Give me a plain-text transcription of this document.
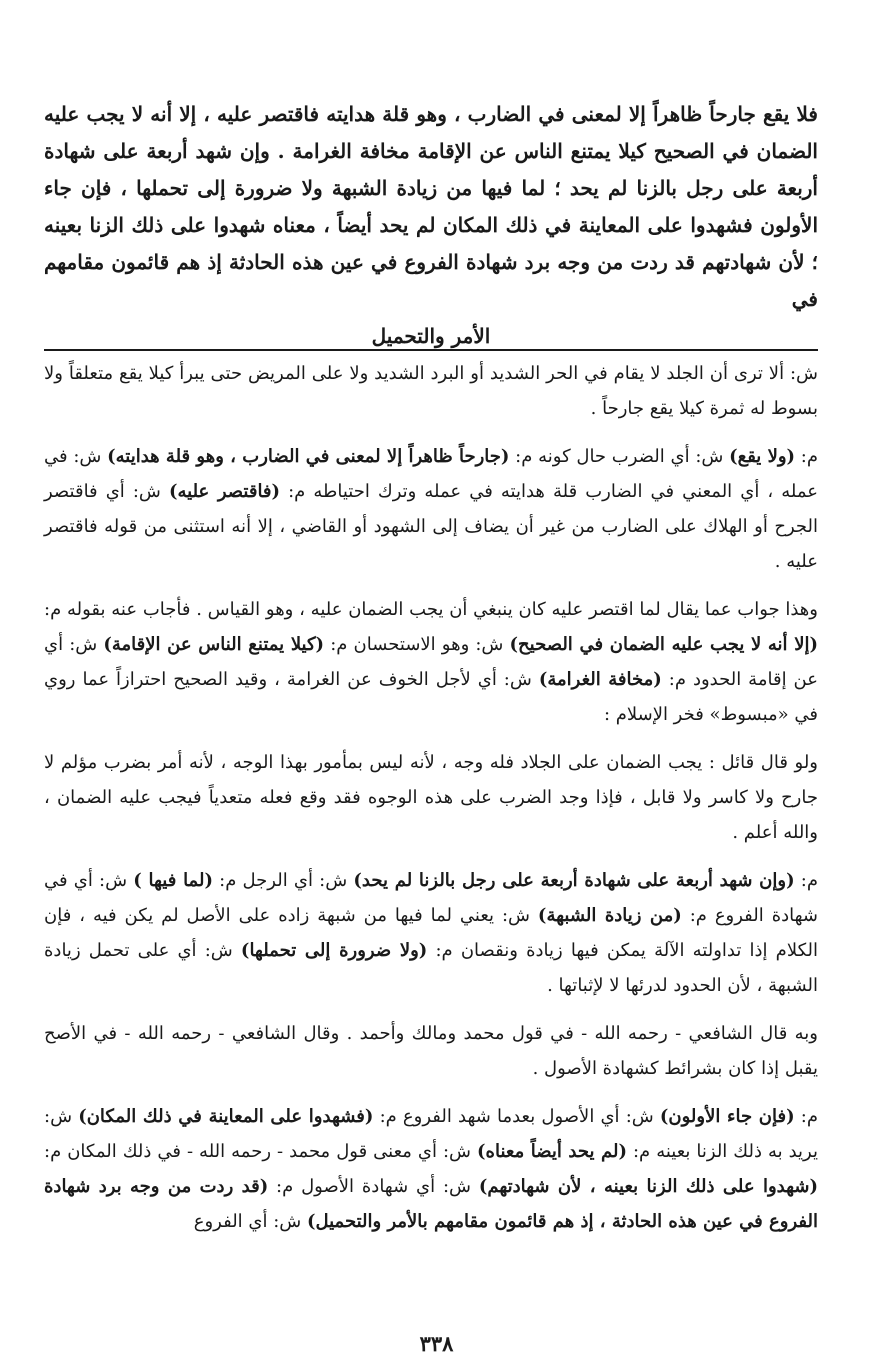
فلا يقع جارحاً ظاهراً إلا لمعنى في الضارب ، وهو قلة هدايته فاقتصر عليه ، إلا أنه لا يجب عليه الضمان في الصحيح كيلا يمتنع الناس عن الإقامة مخافة الغرامة . وإن شهد أربعة على شهادة أربعة على رجل بالزنا لم يحد ؛ لما فيها من زيادة الشبهة ولا ضرورة إلى تحملها ، فإن جاء الأولون فشهدوا على المعاينة في ذلك المكان لم يحد أيضاً ، معناه شهدوا على ذلك الزنا بعينه ؛ لأن شهادتهم قد ردت من وجه برد شهادة الفروع في عين هذه الحادثة إذ هم قائمون مقامهم في
الأمر والتحميل

ش: ألا ترى أن الجلد لا يقام في الحر الشديد أو البرد الشديد ولا على المريض حتى يبرأ كيلا يقع متعلقاً ولا بسوط له ثمرة كيلا يقع جارحاً .

م: (ولا يقع) ش: أي الضرب حال كونه م: (جارحاً ظاهراً إلا لمعنى في الضارب ، وهو قلة هدايته) ش: في عمله ، أي المعني في الضارب قلة هدايته في عمله وترك احتياطه م: (فاقتصر عليه) ش: أي فاقتصر الجرح أو الهلاك على الضارب من غير أن يضاف إلى الشهود أو القاضي ، إلا أنه استثنى من قوله فاقتصر عليه .

وهذا جواب عما يقال لما اقتصر عليه كان ينبغي أن يجب الضمان عليه ، وهو القياس . فأجاب عنه بقوله م: (إلا أنه لا يجب عليه الضمان في الصحيح) ش: وهو الاستحسان م: (كيلا يمتنع الناس عن الإقامة) ش: أي عن إقامة الحدود م: (مخافة الغرامة) ش: أي لأجل الخوف عن الغرامة ، وقيد الصحيح احترازاً عما روي في «مبسوط» فخر الإسلام :

ولو قال قائل : يجب الضمان على الجلاد فله وجه ، لأنه ليس بمأمور بهذا الوجه ، لأنه أمر بضرب مؤلم لا جارح ولا كاسر ولا قابل ، فإذا وجد الضرب على هذه الوجوه فقد وقع فعله متعدياً فيجب عليه الضمان ، والله أعلم .

م: (وإن شهد أربعة على شهادة أربعة على رجل بالزنا لم يحد) ش: أي الرجل م: (لما فيها ) ش: أي في شهادة الفروع م: (من زيادة الشبهة) ش: يعني لما فيها من شبهة زاده على الأصل لم يكن فيه ، فإن الكلام إذا تداولته الآلة يمكن فيها زيادة ونقصان م: (ولا ضرورة إلى تحملها) ش: أي على تحمل زيادة الشبهة ، لأن الحدود لدرئها لا لإثباتها .

وبه قال الشافعي - رحمه الله - في قول محمد ومالك وأحمد . وقال الشافعي - رحمه الله - في الأصح يقبل إذا كان بشرائط كشهادة الأصول .

م: (فإن جاء الأولون) ش: أي الأصول بعدما شهد الفروع م: (فشهدوا على المعاينة في ذلك المكان) ش: يريد به ذلك الزنا بعينه م: (لم يحد أيضاً معناه) ش: أي معنى قول محمد - رحمه الله - في ذلك المكان م: (شهدوا على ذلك الزنا بعينه ، لأن شهادتهم) ش: أي شهادة الأصول م: (قد ردت من وجه برد شهادة الفروع في عين هذه الحادثة ، إذ هم قائمون مقامهم بالأمر والتحميل) ش: أي الفروع

٣٣٨
